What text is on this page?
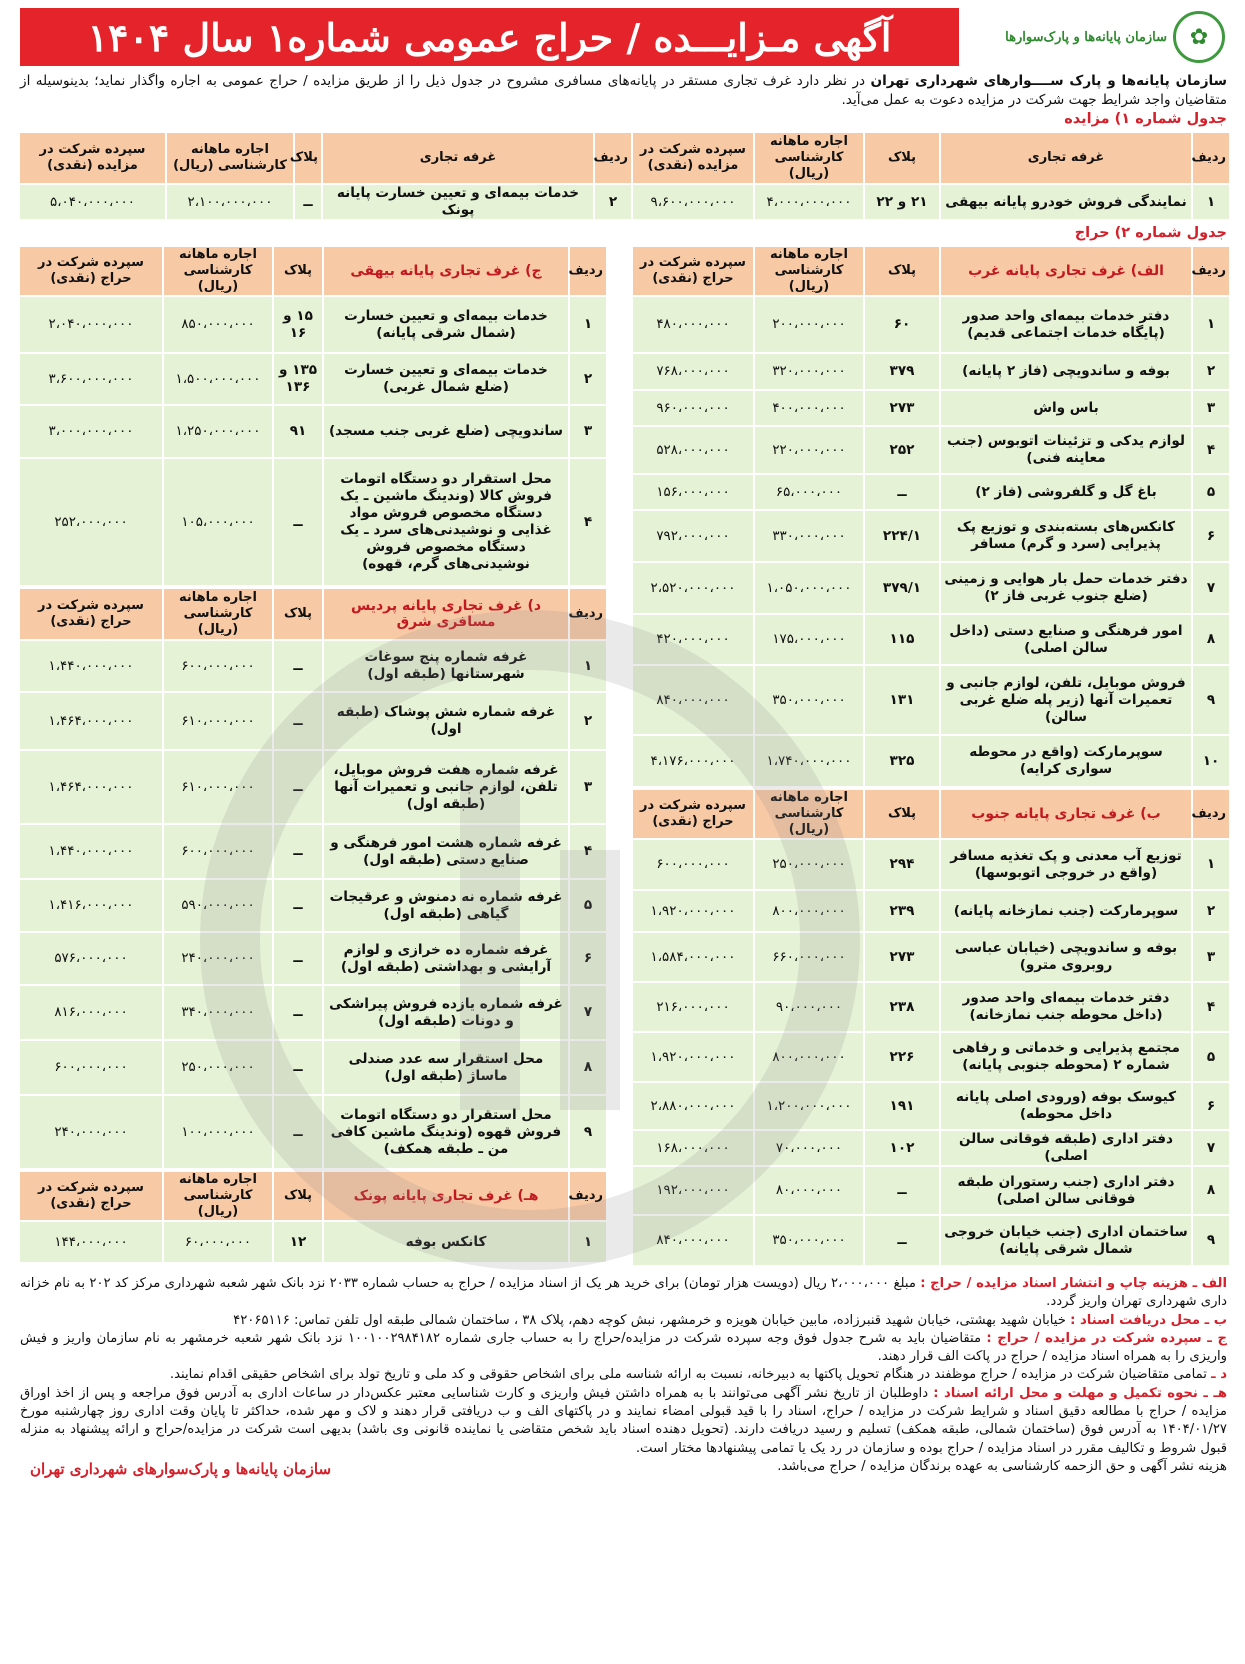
✿
سازمان پایانه‌ها و پارک‌سوارها
آگهی مـزایـــده / حراج عمومی شماره۱ سال ۱۴۰۴
سازمان پایانه‌ها و پارک ســــوارهای شهرداری تهران در نظر دارد غرف تجاری مستقر در پایانه‌های مسافری مشروح در جدول ذیل را از طریق مزایده / حراج عمومی به اجاره واگذار نماید؛ بدینوسیله از متقاضیان واجد شرایط جهت شرکت در مزایده دعوت به عمل می‌آید.
جدول شماره ۱) مزایده
ردیف	غرفه تجاری	پلاک	اجاره ماهانه کارشناسی (ریال)	سپرده شرکت در مزایده (نقدی)	ردیف	غرفه تجاری	پلاک	اجاره ماهانه کارشناسی (ریال)	سپرده شرکت در مزایده (نقدی)
۱	نمایندگی فروش خودرو پایانه بیهقی	۲۱ و ۲۲	۴،۰۰۰،۰۰۰،۰۰۰	۹،۶۰۰،۰۰۰،۰۰۰	۲	خدمات بیمه‌ای و تعیین خسارت پایانه پونک	ــ	۲،۱۰۰،۰۰۰،۰۰۰	۵،۰۴۰،۰۰۰،۰۰۰
جدول شماره ۲) حراج
ردیف	الف) غرف تجاری پایانه غرب	پلاک	اجاره ماهانه کارشناسی (ریال)	سپرده شرکت در حراج (نقدی)
۱	دفتر خدمات بیمه‌ای واحد صدور (پایگاه خدمات اجتماعی قدیم)	۶۰	۲۰۰،۰۰۰،۰۰۰	۴۸۰،۰۰۰،۰۰۰
۲	بوفه و ساندویچی (فاز ۲ پایانه)	۳۷۹	۳۲۰،۰۰۰،۰۰۰	۷۶۸،۰۰۰،۰۰۰
۳	باس واش	۲۷۳	۴۰۰،۰۰۰،۰۰۰	۹۶۰،۰۰۰،۰۰۰
۴	لوازم یدکی و تزئینات اتوبوس (جنب معاینه فنی)	۲۵۲	۲۲۰،۰۰۰،۰۰۰	۵۲۸،۰۰۰،۰۰۰
۵	باغ گل و گلفروشی (فاز ۲)	ــ	۶۵،۰۰۰،۰۰۰	۱۵۶،۰۰۰،۰۰۰
۶	کانکس‌های بسته‌بندی و توزیع پک پذیرایی (سرد و گرم) مسافر	۲۲۴/۱	۳۳۰،۰۰۰،۰۰۰	۷۹۲،۰۰۰،۰۰۰
۷	دفتر خدمات حمل بار هوایی و زمینی (ضلع جنوب غربی فاز ۲)	۳۷۹/۱	۱،۰۵۰،۰۰۰،۰۰۰	۲،۵۲۰،۰۰۰،۰۰۰
۸	امور فرهنگی و صنایع دستی (داخل سالن اصلی)	۱۱۵	۱۷۵،۰۰۰،۰۰۰	۴۲۰،۰۰۰،۰۰۰
۹	فروش موبایل، تلفن، لوازم جانبی و تعمیرات آنها (زیر پله ضلع غربی سالن)	۱۳۱	۳۵۰،۰۰۰،۰۰۰	۸۴۰،۰۰۰،۰۰۰
۱۰	سوپرمارکت (واقع در محوطه سواری کرایه)	۳۲۵	۱،۷۴۰،۰۰۰،۰۰۰	۴،۱۷۶،۰۰۰،۰۰۰
ردیف	ب) غرف تجاری پایانه جنوب	پلاک	اجاره ماهانه کارشناسی (ریال)	سپرده شرکت در حراج (نقدی)
۱	توزیع آب معدنی و پک تغذیه مسافر (واقع در خروجی اتوبوسها)	۲۹۴	۲۵۰،۰۰۰،۰۰۰	۶۰۰،۰۰۰،۰۰۰
۲	سوپرمارکت (جنب نمازخانه پایانه)	۲۳۹	۸۰۰،۰۰۰،۰۰۰	۱،۹۲۰،۰۰۰،۰۰۰
۳	بوفه و ساندویچی (خیابان عباسی روبروی مترو)	۲۷۳	۶۶۰،۰۰۰،۰۰۰	۱،۵۸۴،۰۰۰،۰۰۰
۴	دفتر خدمات بیمه‌ای واحد صدور (داخل محوطه جنب نمازخانه)	۲۳۸	۹۰،۰۰۰،۰۰۰	۲۱۶،۰۰۰،۰۰۰
۵	مجتمع پذیرایی و خدماتی و رفاهی شماره ۲ (محوطه جنوبی پایانه)	۲۲۶	۸۰۰،۰۰۰،۰۰۰	۱،۹۲۰،۰۰۰،۰۰۰
۶	کیوسک بوفه (ورودی اصلی پایانه داخل محوطه)	۱۹۱	۱،۲۰۰،۰۰۰،۰۰۰	۲،۸۸۰،۰۰۰،۰۰۰
۷	دفتر اداری (طبقه فوقانی سالن اصلی)	۱۰۲	۷۰،۰۰۰،۰۰۰	۱۶۸،۰۰۰،۰۰۰
۸	دفتر اداری (جنب رستوران طبقه فوقانی سالن اصلی)	ــ	۸۰،۰۰۰،۰۰۰	۱۹۲،۰۰۰،۰۰۰
۹	ساختمان اداری (جنب خیابان خروجی شمال شرقی پایانه)	ــ	۳۵۰،۰۰۰،۰۰۰	۸۴۰،۰۰۰،۰۰۰
ردیف	ج) غرف تجاری پایانه بیهقی	پلاک	اجاره ماهانه کارشناسی (ریال)	سپرده شرکت در حراج (نقدی)
۱	خدمات بیمه‌ای و تعیین خسارت (شمال شرقی پایانه)	۱۵ و ۱۶	۸۵۰،۰۰۰،۰۰۰	۲،۰۴۰،۰۰۰،۰۰۰
۲	خدمات بیمه‌ای و تعیین خسارت (ضلع شمال غربی)	۱۳۵ و ۱۳۶	۱،۵۰۰،۰۰۰،۰۰۰	۳،۶۰۰،۰۰۰،۰۰۰
۳	ساندویچی (ضلع غربی جنب مسجد)	۹۱	۱،۲۵۰،۰۰۰،۰۰۰	۳،۰۰۰،۰۰۰،۰۰۰
۴	محل استقرار دو دستگاه اتومات فروش کالا (وندینگ ماشین ـ یک دستگاه مخصوص فروش مواد غذایی و نوشیدنی‌های سرد ـ یک دستگاه مخصوص فروش نوشیدنی‌های گرم، قهوه)	ــ	۱۰۵،۰۰۰،۰۰۰	۲۵۲،۰۰۰،۰۰۰
ردیف	د) غرف تجاری پایانه پردیس مسافری شرق	پلاک	اجاره ماهانه کارشناسی (ریال)	سپرده شرکت در حراج (نقدی)
۱	غرفه شماره پنج سوغات شهرستانها (طبقه اول)	ــ	۶۰۰،۰۰۰،۰۰۰	۱،۴۴۰،۰۰۰،۰۰۰
۲	غرفه شماره شش پوشاک (طبقه اول)	ــ	۶۱۰،۰۰۰،۰۰۰	۱،۴۶۴،۰۰۰،۰۰۰
۳	غرفه شماره هفت فروش موبایل، تلفن، لوازم جانبی و تعمیرات آنها (طبقه اول)	ــ	۶۱۰،۰۰۰،۰۰۰	۱،۴۶۴،۰۰۰،۰۰۰
۴	غرفه شماره هشت امور فرهنگی و صنایع دستی (طبقه اول)	ــ	۶۰۰،۰۰۰،۰۰۰	۱،۴۴۰،۰۰۰،۰۰۰
۵	غرفه شماره نه دمنوش و عرقیجات گیاهی (طبقه اول)	ــ	۵۹۰،۰۰۰،۰۰۰	۱،۴۱۶،۰۰۰،۰۰۰
۶	غرفه شماره ده خرازی و لوازم آرایشی و بهداشتی (طبقه اول)	ــ	۲۴۰،۰۰۰،۰۰۰	۵۷۶،۰۰۰،۰۰۰
۷	غرفه شماره یازده فروش پیراشکی و دونات (طبقه اول)	ــ	۳۴۰،۰۰۰،۰۰۰	۸۱۶،۰۰۰،۰۰۰
۸	محل استقرار سه عدد صندلی ماساژ (طبقه اول)	ــ	۲۵۰،۰۰۰،۰۰۰	۶۰۰،۰۰۰،۰۰۰
۹	محل استقرار دو دستگاه اتومات فروش قهوه (وندینگ ماشین کافی من ـ طبقه همکف)	ــ	۱۰۰،۰۰۰،۰۰۰	۲۴۰،۰۰۰،۰۰۰
ردیف	هـ) غرف تجاری پایانه پونک	پلاک	اجاره ماهانه کارشناسی (ریال)	سپرده شرکت در حراج (نقدی)
۱	کانکس بوفه	۱۲	۶۰،۰۰۰،۰۰۰	۱۴۴،۰۰۰،۰۰۰

الف ـ هزینه چاپ و انتشار اسناد مزایده / حراج : مبلغ ۲،۰۰۰،۰۰۰ ریال (دویست هزار تومان) برای خرید هر یک از اسناد مزایده / حراج به حساب شماره ۲۰۳۳ نزد بانک شهر شعبه شهرداری مرکز کد ۲۰۲ به نام خزانه داری شهرداری تهران واریز گردد.

ب ـ محل دریافت اسناد : خیابان شهید بهشتی، خیابان شهید قنبرزاده، مابین خیابان هویزه و خرمشهر، نبش کوچه دهم، پلاک ۳۸ ، ساختمان شمالی طبقه اول تلفن تماس: ۴۲۰۶۵۱۱۶

ج ـ سپرده شرکت در مزایده / حراج : متقاضیان باید به شرح جدول فوق وجه سپرده شرکت در مزایده/حراج را به حساب جاری شماره ۱۰۰۱۰۰۲۹۸۴۱۸۲ نزد بانک شهر شعبه خرمشهر به نام سازمان واریز و فیش واریزی را به همراه اسناد مزایده / حراج در پاکت الف قرار دهند.

د ـ تمامی متقاضیان شرکت در مزایده / حراج موظفند در هنگام تحویل پاکتها به دبیرخانه، نسبت به ارائه شناسه ملی برای اشخاص حقوقی و کد ملی و تاریخ تولد برای اشخاص حقیقی اقدام نمایند.

هـ ـ نحوه تکمیل و مهلت و محل ارائه اسناد : داوطلبان از تاریخ نشر آگهی می‌توانند با به همراه داشتن فیش واریزی و کارت شناسایی معتبر عکس‌دار در ساعات اداری به آدرس فوق مراجعه و پس از اخذ اوراق مزایده / حراج با مطالعه دقیق اسناد و شرایط شرکت در مزایده / حراج، اسناد را با قید قبولی امضاء نمایند و در پاکتهای الف و ب دریافتی قرار دهند و لاک و مهر شده، حداکثر تا پایان وقت اداری روز چهارشنبه مورخ ۱۴۰۴/۰۱/۲۷ به آدرس فوق (ساختمان شمالی، طبقه همکف) تسلیم و رسید دریافت دارند. (تحویل دهنده اسناد باید شخص متقاضی یا نماینده قانونی وی باشد) بدیهی است شرکت در مزایده/حراج و ارائه پیشنهاد به منزله قبول شروط و تکالیف مقرر در اسناد مزایده / حراج بوده و سازمان در رد یک یا تمامی پیشنهادها مختار است.

سازمان پایانه‌ها و پارک‌سوارهای شهرداری تهران	هزینه نشر آگهی و حق الزحمه کارشناسی به عهده برندگان مزایده / حراج می‌باشد.
